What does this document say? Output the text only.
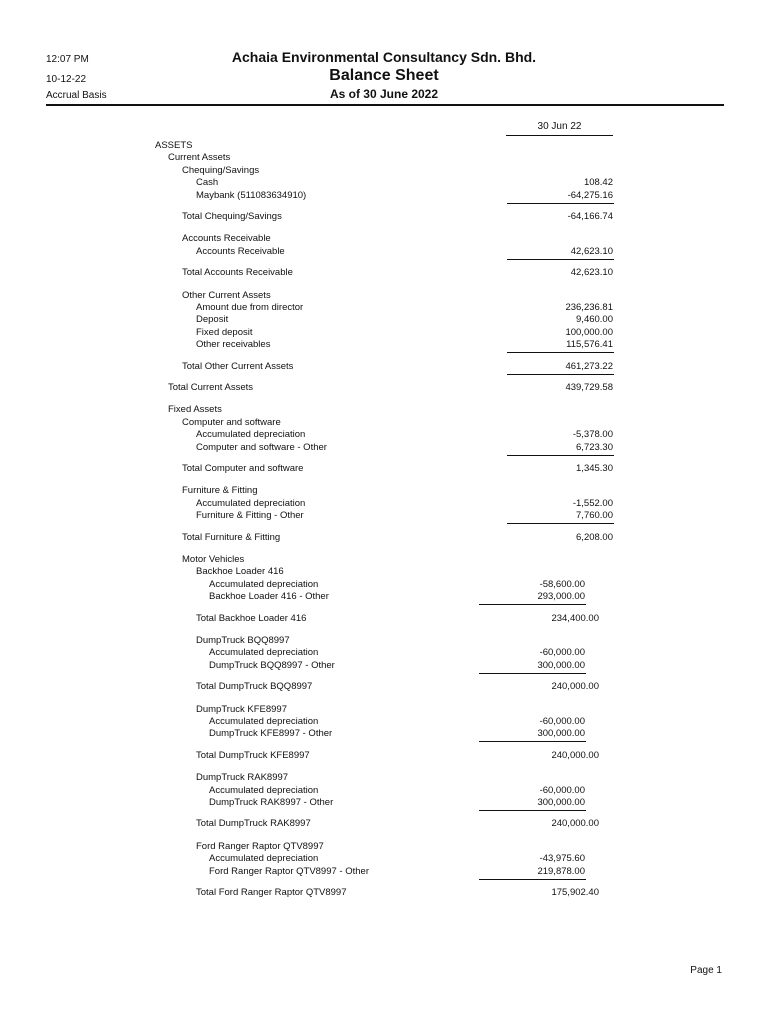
12:07 PM
10-12-22
Accrual Basis
Achaia Environmental Consultancy Sdn. Bhd.
Balance Sheet
As of 30 June 2022
30 Jun 22
ASSETS
Current Assets
Chequing/Savings
Cash	108.42
Maybank (511083634910)	-64,275.16
Total Chequing/Savings	-64,166.74
Accounts Receivable
Accounts Receivable	42,623.10
Total Accounts Receivable	42,623.10
Other Current Assets
Amount due from director	236,236.81
Deposit	9,460.00
Fixed deposit	100,000.00
Other receivables	115,576.41
Total Other Current Assets	461,273.22
Total Current Assets	439,729.58
Fixed Assets
Computer and software
Accumulated depreciation	-5,378.00
Computer and software - Other	6,723.30
Total Computer and software	1,345.30
Furniture & Fitting
Accumulated depreciation	-1,552.00
Furniture & Fitting - Other	7,760.00
Total Furniture & Fitting	6,208.00
Motor Vehicles
Backhoe Loader 416
Accumulated depreciation	-58,600.00
Backhoe Loader 416 - Other	293,000.00
Total Backhoe Loader 416	234,400.00
DumpTruck BQQ8997
Accumulated depreciation	-60,000.00
DumpTruck BQQ8997 - Other	300,000.00
Total DumpTruck BQQ8997	240,000.00
DumpTruck KFE8997
Accumulated depreciation	-60,000.00
DumpTruck KFE8997 - Other	300,000.00
Total DumpTruck KFE8997	240,000.00
DumpTruck RAK8997
Accumulated depreciation	-60,000.00
DumpTruck RAK8997 - Other	300,000.00
Total DumpTruck RAK8997	240,000.00
Ford Ranger Raptor QTV8997
Accumulated depreciation	-43,975.60
Ford Ranger Raptor QTV8997 - Other	219,878.00
Total Ford Ranger Raptor QTV8997	175,902.40
Page 1
